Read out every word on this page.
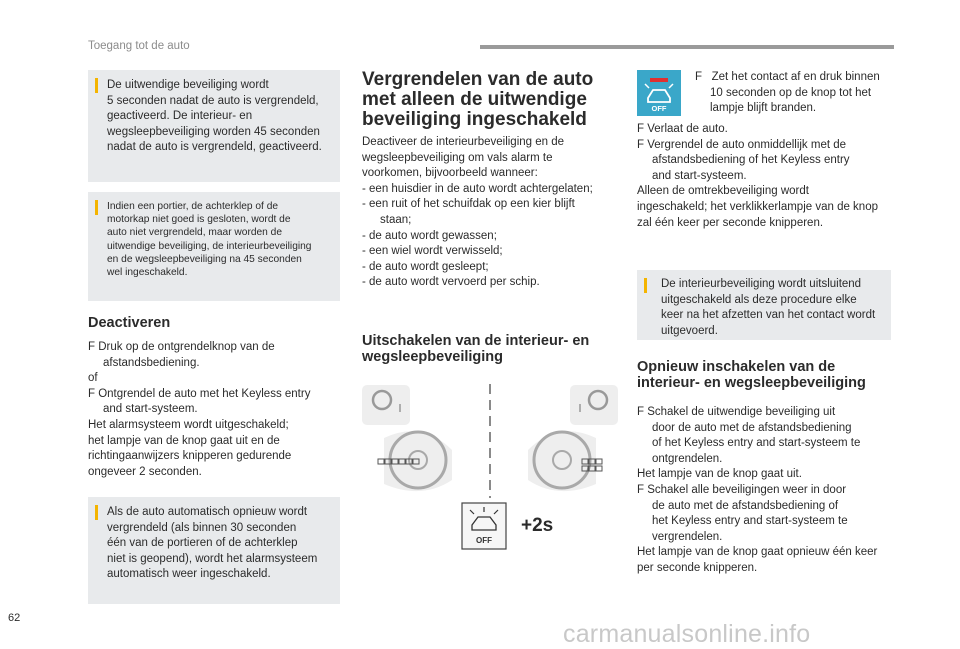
Toegang tot de auto
De uitwendige beveiliging wordt
5 seconden nadat de auto is vergrendeld,
geactiveerd. De interieur- en
wegsleepbeveiliging worden 45 seconden
nadat de auto is vergrendeld, geactiveerd.
Indien een portier, de achterklep of de
motorkap niet goed is gesloten, wordt de
auto niet vergrendeld, maar worden de
uitwendige beveiliging, de interieurbeveiliging
en de wegsleepbeveiliging na 45 seconden
wel ingeschakeld.
Deactiveren
F Druk op de ontgrendelknop van de
afstandsbediening.
of
F Ontgrendel de auto met het Keyless entry
and start-systeem.
Het alarmsysteem wordt uitgeschakeld;
het lampje van de knop gaat uit en de
richtingaanwijzers knipperen gedurende
ongeveer 2 seconden.
Als de auto automatisch opnieuw wordt
vergrendeld (als binnen 30 seconden
één van de portieren of de achterklep
niet is geopend), wordt het alarmsysteem
automatisch weer ingeschakeld.
Vergrendelen van de auto
met alleen de uitwendige
beveiliging ingeschakeld
Deactiveer de interieurbeveiliging en de
wegsleepbeveiliging om vals alarm te
voorkomen, bijvoorbeeld wanneer:
- een huisdier in de auto wordt achtergelaten;
- een ruit of het schuifdak op een kier blijft
staan;
- de auto wordt gewassen;
- een wiel wordt verwisseld;
- de auto wordt gesleept;
- de auto wordt vervoerd per schip.
Uitschakelen van de interieur- en
wegsleepbeveiliging
OFF
+2s
OFF
F   Zet het contact af en druk binnen
10 seconden op de knop tot het
lampje blijft branden.
F Verlaat de auto.
F Vergrendel de auto onmiddellijk met de
afstandsbediening of het Keyless entry
and start-systeem.
Alleen de omtrekbeveiliging wordt
ingeschakeld; het verklikkerlampje van de knop
zal één keer per seconde knipperen.
De interieurbeveiliging wordt uitsluitend
uitgeschakeld als deze procedure elke
keer na het afzetten van het contact wordt
uitgevoerd.
Opnieuw inschakelen van de
interieur- en wegsleepbeveiliging
F Schakel de uitwendige beveiliging uit
door de auto met de afstandsbediening
of het Keyless entry and start-systeem te
ontgrendelen.
Het lampje van de knop gaat uit.
F Schakel alle beveiligingen weer in door
de auto met de afstandsbediening of
het Keyless entry and start-systeem te
vergrendelen.
Het lampje van de knop gaat opnieuw één keer
per seconde knipperen.
62
carmanualsonline.info
